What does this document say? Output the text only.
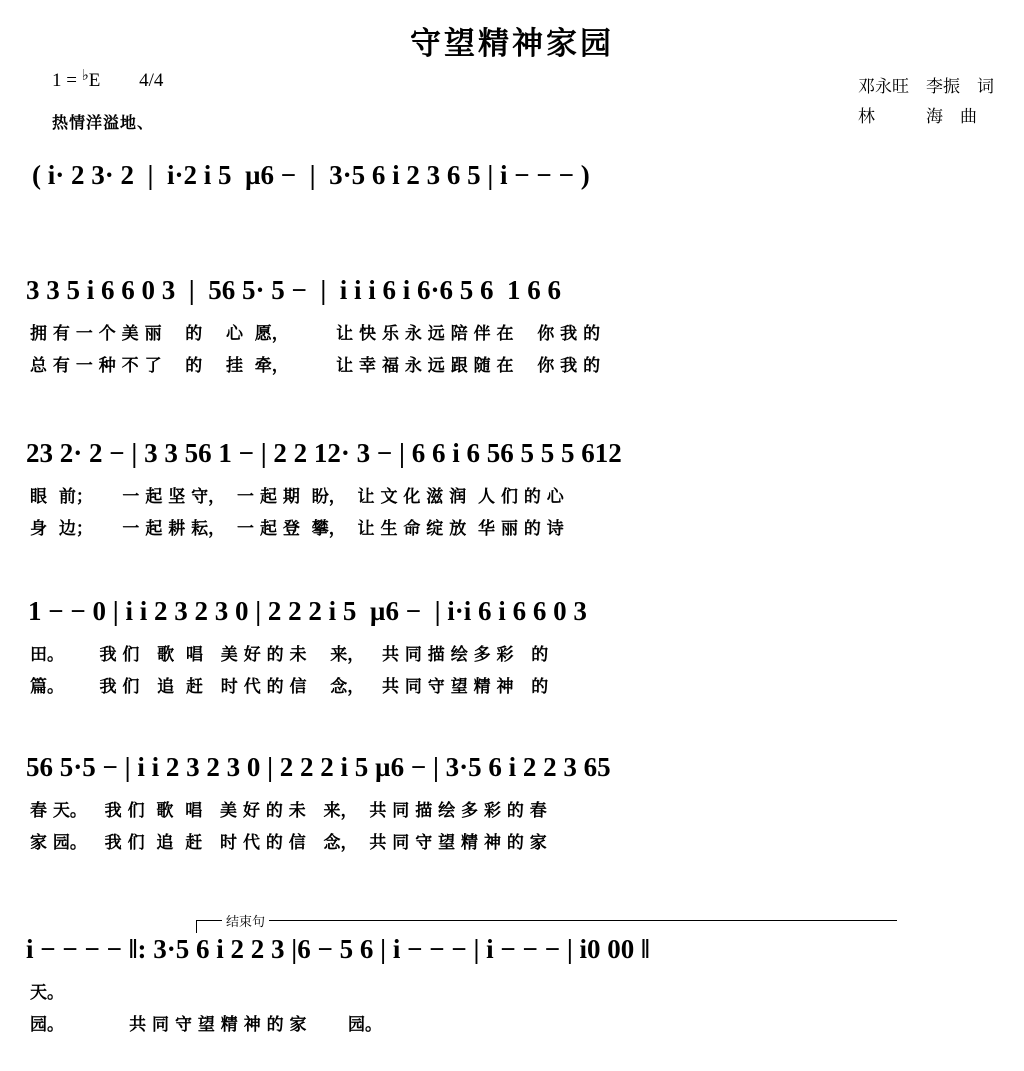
守望精神家园
1 = ♭E 4/4
热情洋溢地、
邓永旺　李振　词
林　　　海　曲
( i· 2 3· 2  |  i·2 i 5  µ6 −  |  3·5 6 i 2 3 6 5 | i − − − )
3 3 5 i 6 6 0 3  |  56 5· 5 −  |  i i i 6 i 6·6 5 6  1 6 6
拥 有 一 个 美 丽    的    心  愿，        让 快 乐 永 远 陪 伴 在    你 我 的
总 有 一 种 不 了    的    挂  牵，        让 幸 福 永 远 跟 随 在    你 我 的
23 2· 2 − | 3 3 56 1 − | 2 2 12· 3 − | 6 6 i 6 56 5 5 5 612
眼  前；     一 起 坚 守，  一 起 期  盼，  让 文 化 滋 润  人 们 的 心
身  边；     一 起 耕 耘，  一 起 登  攀，  让 生 命 绽 放  华 丽 的 诗
1 − − 0 | i i 2 3 2 3 0 | 2 2 2 i 5  µ6 −  | i·i 6 i 6 6 0 3
田。      我 们   歌  唱   美 好 的 未    来，   共 同 描 绘 多 彩   的
篇。      我 们   追  赶   时 代 的 信    念，   共 同 守 望 精 神   的
56 5·5 − | i i 2 3 2 3 0 | 2 2 2 i 5 µ6 − | 3·5 6 i 2 2 3 65
春 天。   我 们  歌  唱   美 好 的 未   来，  共 同 描 绘 多 彩 的 春
家 园。   我 们  追  赶   时 代 的 信   念，  共 同 守 望 精 神 的 家
结束句
i − − − − ‖: 3·5 6 i 2 2 3 |6 − 5 6 | i − − − | i − − − | i0 00 ‖
天。
园。           共 同 守 望 精 神 的 家       园。
